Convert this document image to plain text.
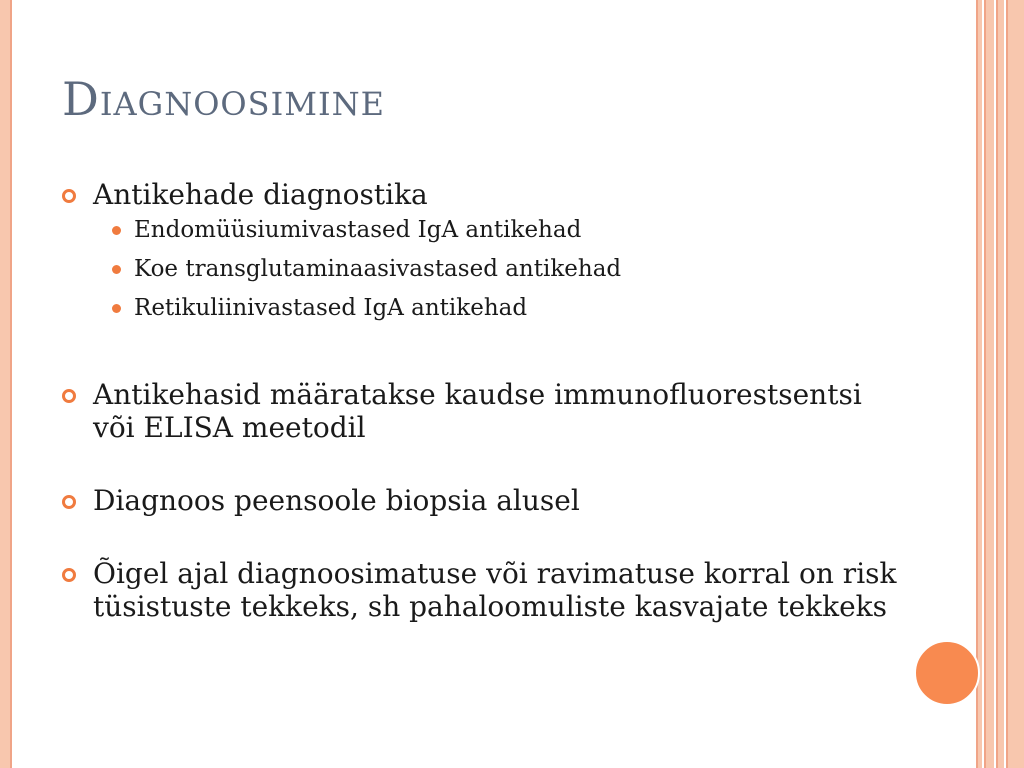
Diagnoosimine
Antikehade diagnostika
Endomüüsiumivastased IgA antikehad
Koe transglutaminaasivastased antikehad
Retikuliinivastased IgA antikehad
Antikehasid määratakse kaudse immunofluorestsentsi või ELISA meetodil
Diagnoos peensoole biopsia alusel
Õigel ajal diagnoosimatuse või ravimatuse korral on risk tüsistuste tekkeks, sh pahaloomuliste kasvajate tekkeks
